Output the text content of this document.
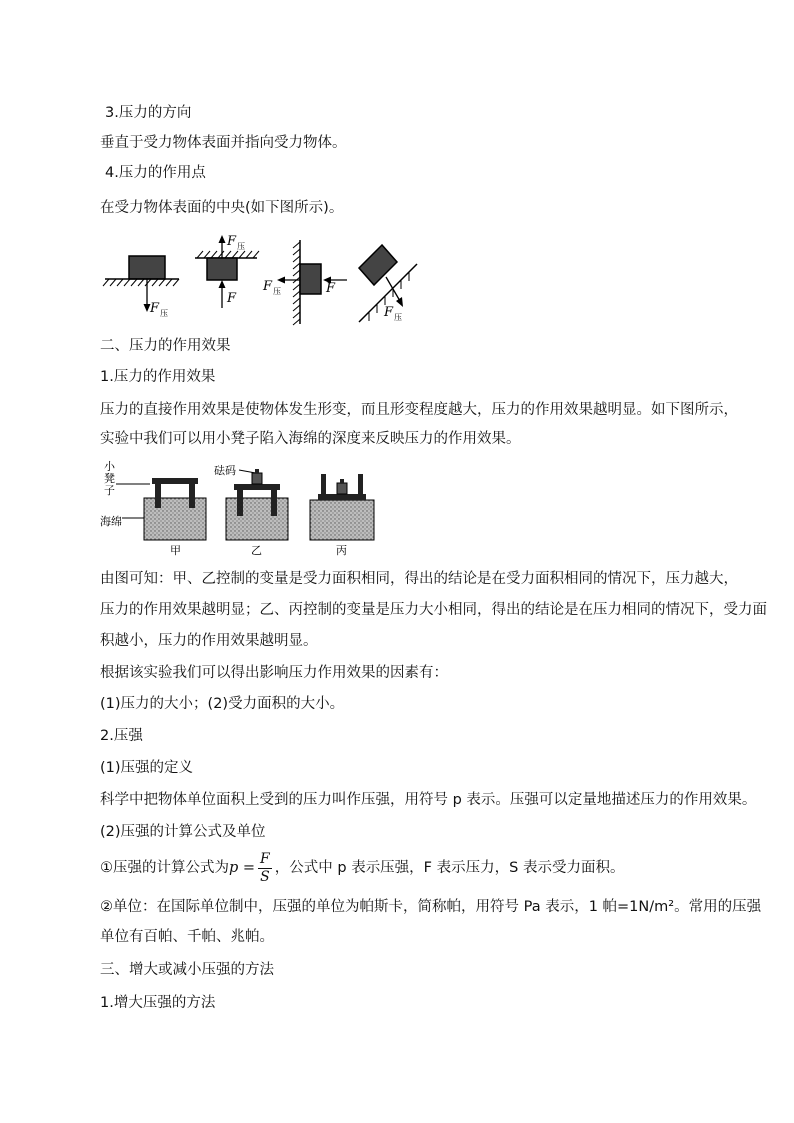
3.压力的方向
垂直于受力物体表面并指向受力物体。
4.压力的作用点
在受力物体表面的中央(如下图所示)。
F 压
F 压
F
F 压	F
F 压
二、压力的作用效果
1.压力的作用效果
压力的直接作用效果是使物体发生形变，而且形变程度越大，压力的作用效果越明显。如下图所示，
实验中我们可以用小凳子陷入海绵的深度来反映压力的作用效果。
小
凳
子
海绵
砝码
甲	乙	丙
由图可知：甲、乙控制的变量是受力面积相同，得出的结论是在受力面积相同的情况下，压力越大，
压力的作用效果越明显；乙、丙控制的变量是压力大小相同，得出的结论是在压力相同的情况下，受力面
积越小，压力的作用效果越明显。
根据该实验我们可以得出影响压力作用效果的因素有：
(1)压力的大小；(2)受力面积的大小。
2.压强
(1)压强的定义
科学中把物体单位面积上受到的压力叫作压强，用符号 p 表示。压强可以定量地描述压力的作用效果。
(2)压强的计算公式及单位
①压强的计算公式为$p = \frac{F}{S}$ ，公式中 p 表示压强，F 表示压力，S 表示受力面积。
②单位：在国际单位制中，压强的单位为帕斯卡，简称帕，用符号 Pa 表示，1 帕=1N/m²。常用的压强
单位有百帕、千帕、兆帕。
三、增大或减小压强的方法
1.增大压强的方法
